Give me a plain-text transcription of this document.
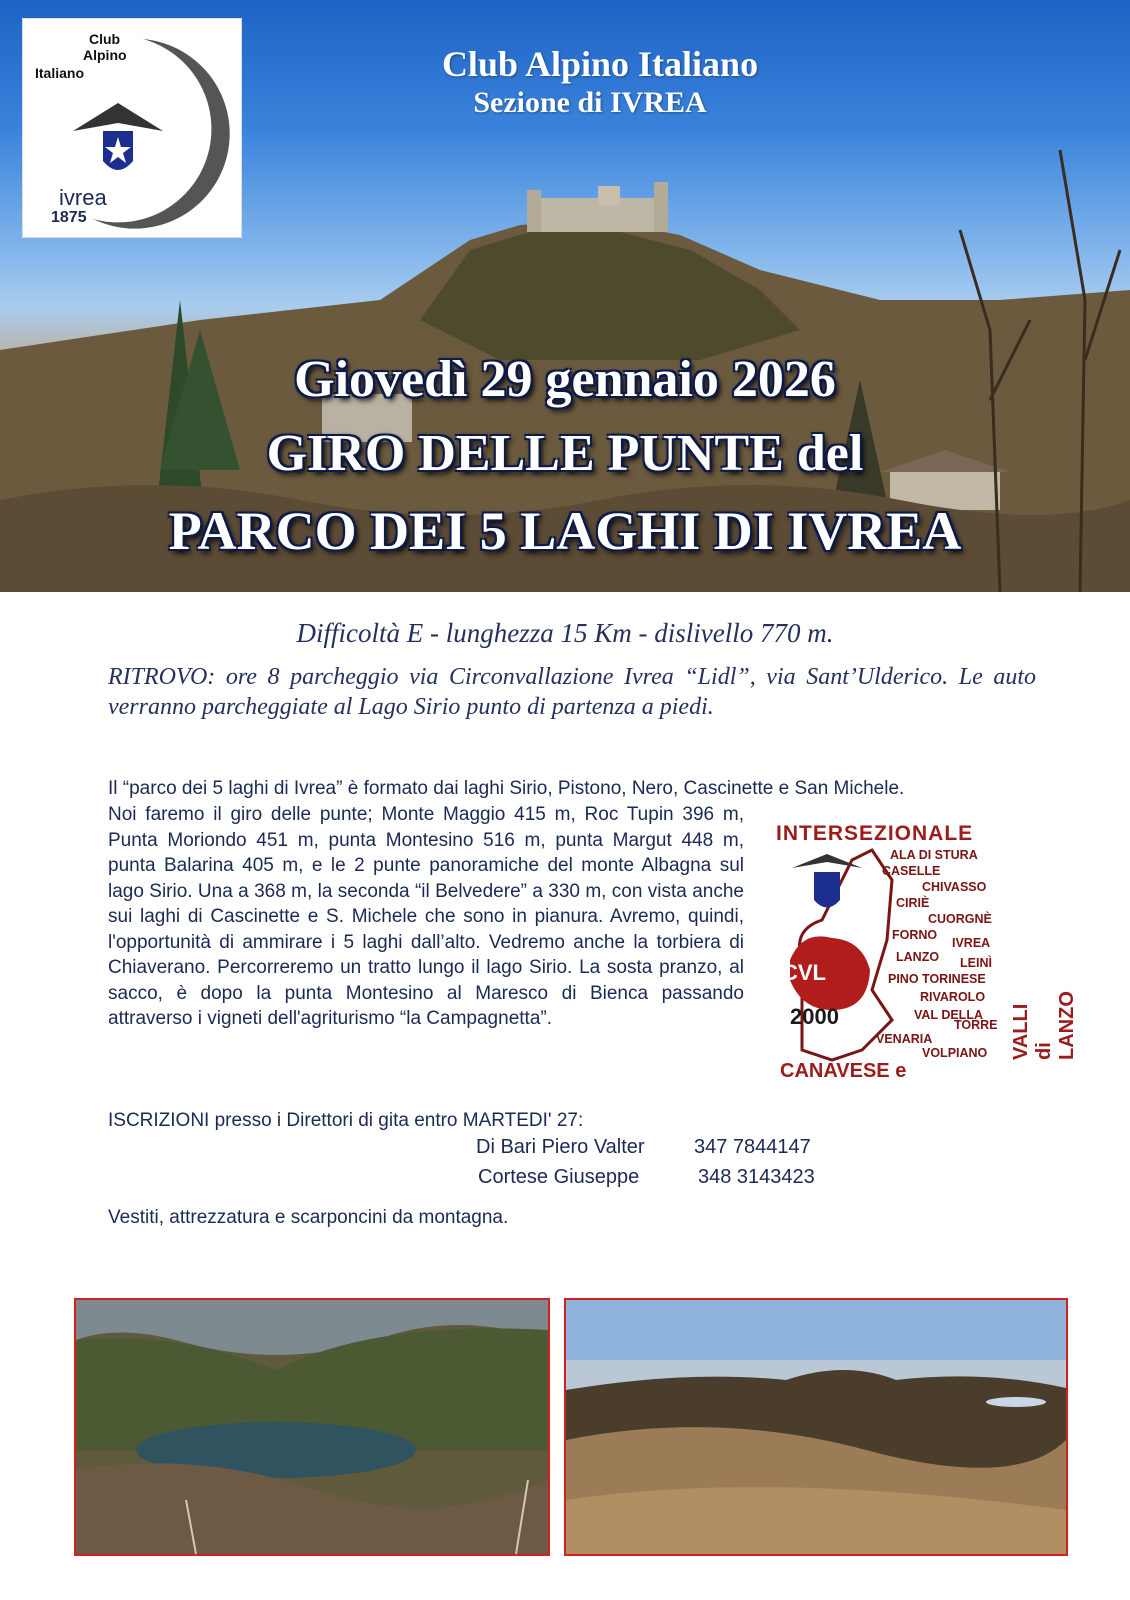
Club
Alpino
Italiano
ivrea
1875
Club Alpino Italiano
Sezione di IVREA
Giovedì 29 gennaio 2026
GIRO DELLE PUNTE del
PARCO DEI 5 LAGHI DI IVREA
Difficoltà E - lunghezza 15 Km - dislivello 770 m.
RITROVO: ore 8 parcheggio via Circonvallazione Ivrea “Lidl”, via Sant’Ulderico. Le auto verranno parcheggiate al Lago Sirio punto di partenza a piedi.
Il “parco dei 5 laghi di Ivrea” è formato dai laghi Sirio, Pistono, Nero, Cascinette e San Michele.
Noi faremo il giro delle punte; Monte Maggio 415 m, Roc Tupin 396 m, Punta Moriondo 451 m, punta Montesino 516 m, punta Margut 448 m, punta Balarina 405 m, e le 2 punte panoramiche del monte Albagna sul lago Sirio. Una a 368 m, la seconda “il Belvedere” a 330 m, con vista anche sui laghi di Cascinette e S. Michele che sono in pianura. Avremo, quindi, l'opportunità di ammirare i 5 laghi dall’alto. Vedremo anche la torbiera di Chiaverano. Percorreremo un tratto lungo il lago Sirio. La sosta pranzo, al sacco, è dopo la punta Montesino al Maresco di Bienca passando attraverso i vigneti dell'agriturismo “la Campagnetta”.
INTERSEZIONALE
ALA DI STURA
CASELLE
CHIVASSO
CIRIÈ
CUORGNÈ
FORNO
IVREA
LANZO LEINÌ
PINO TORINESE
RIVAROLO
VAL DELLA
TORRE
VENARIA
VOLPIANO
CVL
2000
CANAVESE e
VALLI di LANZO
ISCRIZIONI presso i Direttori di gita entro MARTEDI' 27:
Di Bari Piero Valter 347 7844147
Cortese Giuseppe	348 3143423
Vestiti, attrezzatura e scarponcini da montagna.
